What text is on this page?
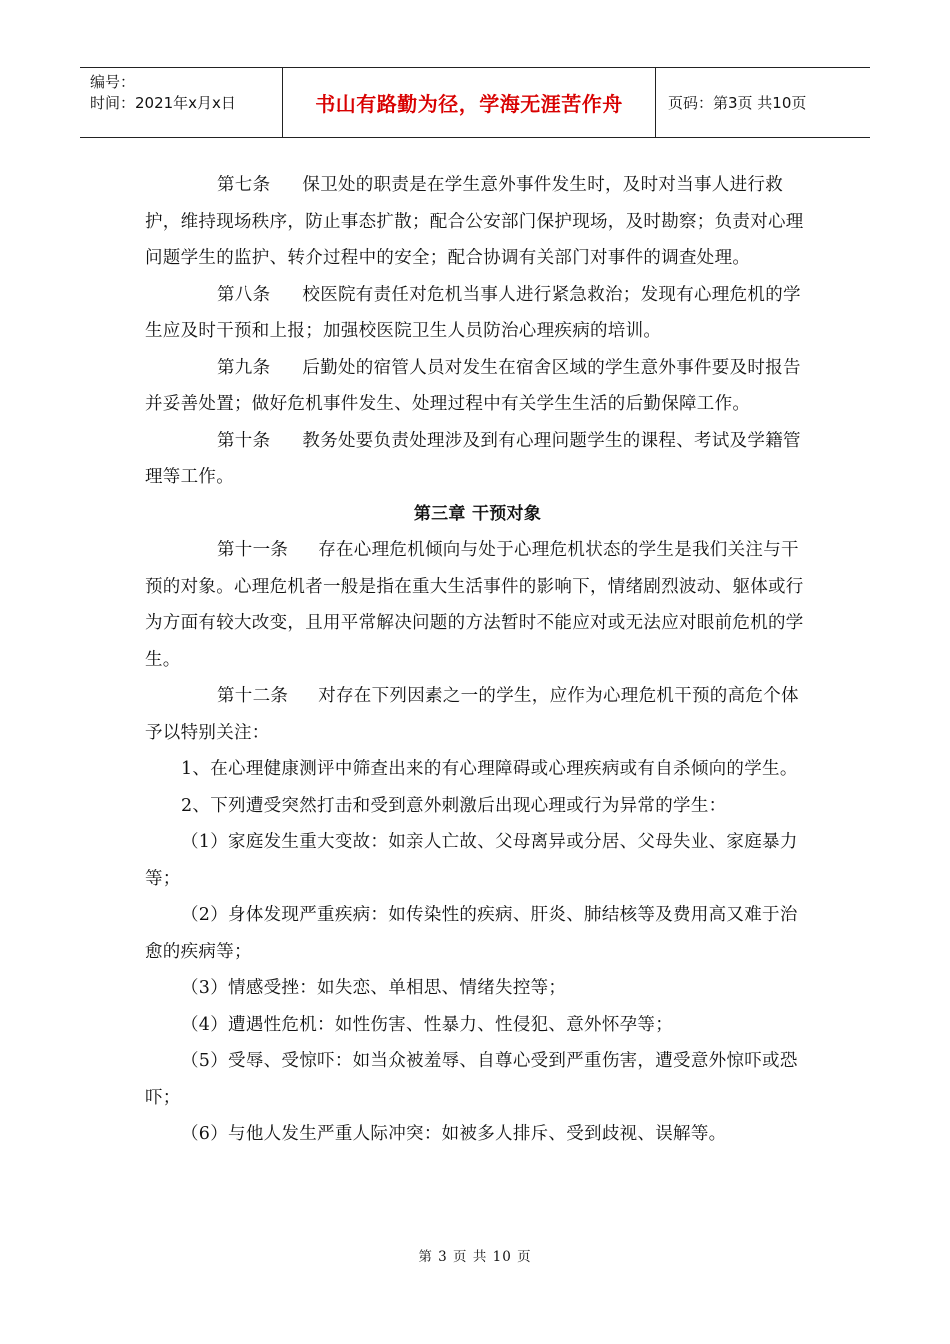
编号：
时间：2021年x月x日	书山有路勤为径，学海无涯苦作舟	页码：第3页 共10页

第七条 保卫处的职责是在学生意外事件发生时，及时对当事人进行救护，维持现场秩序，防止事态扩散；配合公安部门保护现场，及时勘察；负责对心理问题学生的监护、转介过程中的安全；配合协调有关部门对事件的调查处理。

第八条 校医院有责任对危机当事人进行紧急救治；发现有心理危机的学生应及时干预和上报；加强校医院卫生人员防治心理疾病的培训。

第九条 后勤处的宿管人员对发生在宿舍区域的学生意外事件要及时报告并妥善处置；做好危机事件发生、处理过程中有关学生生活的后勤保障工作。

第十条 教务处要负责处理涉及到有心理问题学生的课程、考试及学籍管理等工作。

第三章 干预对象

第十一条 存在心理危机倾向与处于心理危机状态的学生是我们关注与干预的对象。心理危机者一般是指在重大生活事件的影响下，情绪剧烈波动、躯体或行为方面有较大改变，且用平常解决问题的方法暂时不能应对或无法应对眼前危机的学生。

第十二条 对存在下列因素之一的学生，应作为心理危机干预的高危个体予以特别关注：

1、在心理健康测评中筛查出来的有心理障碍或心理疾病或有自杀倾向的学生。

2、下列遭受突然打击和受到意外刺激后出现心理或行为异常的学生：

（1）家庭发生重大变故：如亲人亡故、父母离异或分居、父母失业、家庭暴力等；

（2）身体发现严重疾病：如传染性的疾病、肝炎、肺结核等及费用高又难于治愈的疾病等；

（3）情感受挫：如失恋、单相思、情绪失控等；

（4）遭遇性危机：如性伤害、性暴力、性侵犯、意外怀孕等；

（5）受辱、受惊吓：如当众被羞辱、自尊心受到严重伤害，遭受意外惊吓或恐吓；

（6）与他人发生严重人际冲突：如被多人排斥、受到歧视、误解等。

第 3 页 共 10 页
